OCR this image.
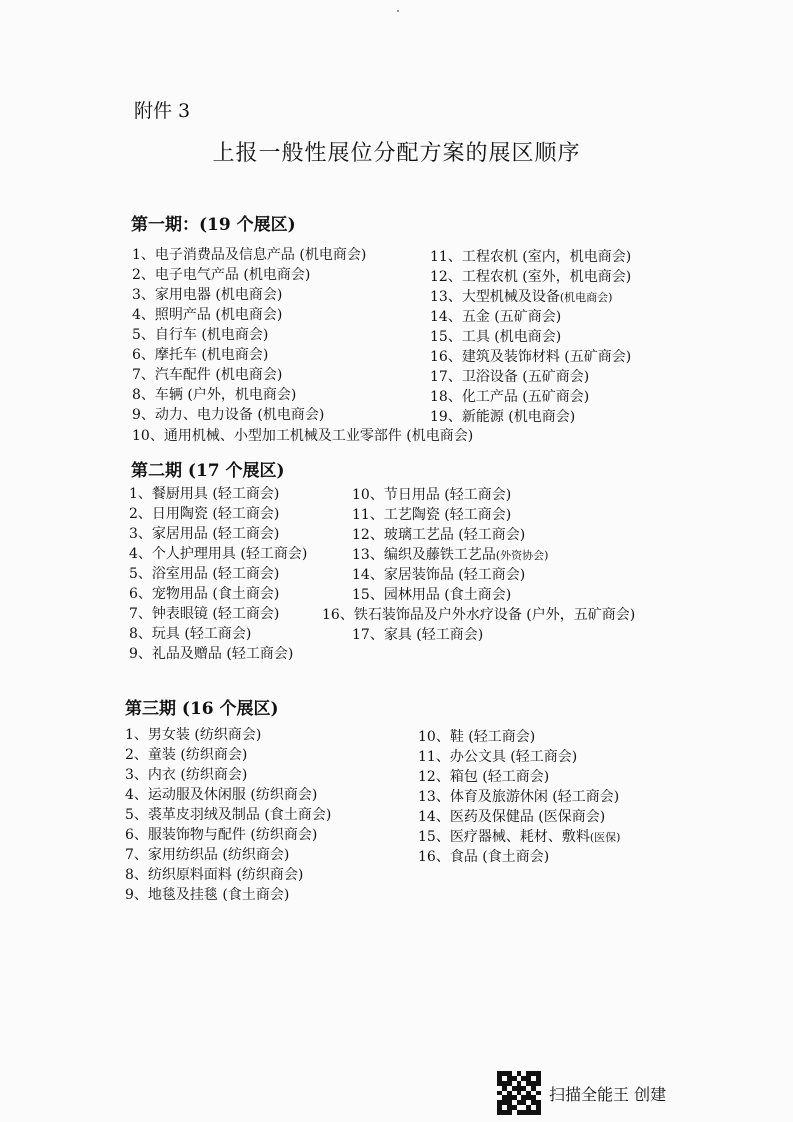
附件 3
上报一般性展位分配方案的展区顺序
第一期：(19 个展区)
1、电子消费品及信息产品 (机电商会)
2、电子电气产品 (机电商会)
3、家用电器 (机电商会)
4、照明产品 (机电商会)
5、自行车 (机电商会)
6、摩托车 (机电商会)
7、汽车配件 (机电商会)
8、车辆 (户外，机电商会)
9、动力、电力设备 (机电商会)
11、工程农机 (室内，机电商会)
12、工程农机 (室外，机电商会)
13、大型机械及设备(机电商会)
14、五金 (五矿商会)
15、工具 (机电商会)
16、建筑及装饰材料 (五矿商会)
17、卫浴设备 (五矿商会)
18、化工产品 (五矿商会)
19、新能源 (机电商会)
10、通用机械、小型加工机械及工业零部件 (机电商会)
第二期 (17 个展区)
1、餐厨用具 (轻工商会)
2、日用陶瓷 (轻工商会)
3、家居用品 (轻工商会)
4、个人护理用具 (轻工商会)
5、浴室用品 (轻工商会)
6、宠物用品 (食土商会)
7、钟表眼镜 (轻工商会)
8、玩具 (轻工商会)
9、礼品及赠品 (轻工商会)
10、节日用品 (轻工商会)
11、工艺陶瓷 (轻工商会)
12、玻璃工艺品 (轻工商会)
13、编织及藤铁工艺品(外资协会)
14、家居装饰品 (轻工商会)
15、园林用品 (食土商会)
16、铁石装饰品及户外水疗设备 (户外，五矿商会)
17、家具 (轻工商会)
第三期 (16 个展区)
1、男女装 (纺织商会)
2、童装 (纺织商会)
3、内衣 (纺织商会)
4、运动服及休闲服 (纺织商会)
5、裘革皮羽绒及制品 (食土商会)
6、服装饰物与配件 (纺织商会)
7、家用纺织品 (纺织商会)
8、纺织原料面料 (纺织商会)
9、地毯及挂毯 (食土商会)
10、鞋 (轻工商会)
11、办公文具 (轻工商会)
12、箱包 (轻工商会)
13、体育及旅游休闲 (轻工商会)
14、医药及保健品 (医保商会)
15、医疗器械、耗材、敷料(医保)
16、食品 (食土商会)
扫描全能王 创建
